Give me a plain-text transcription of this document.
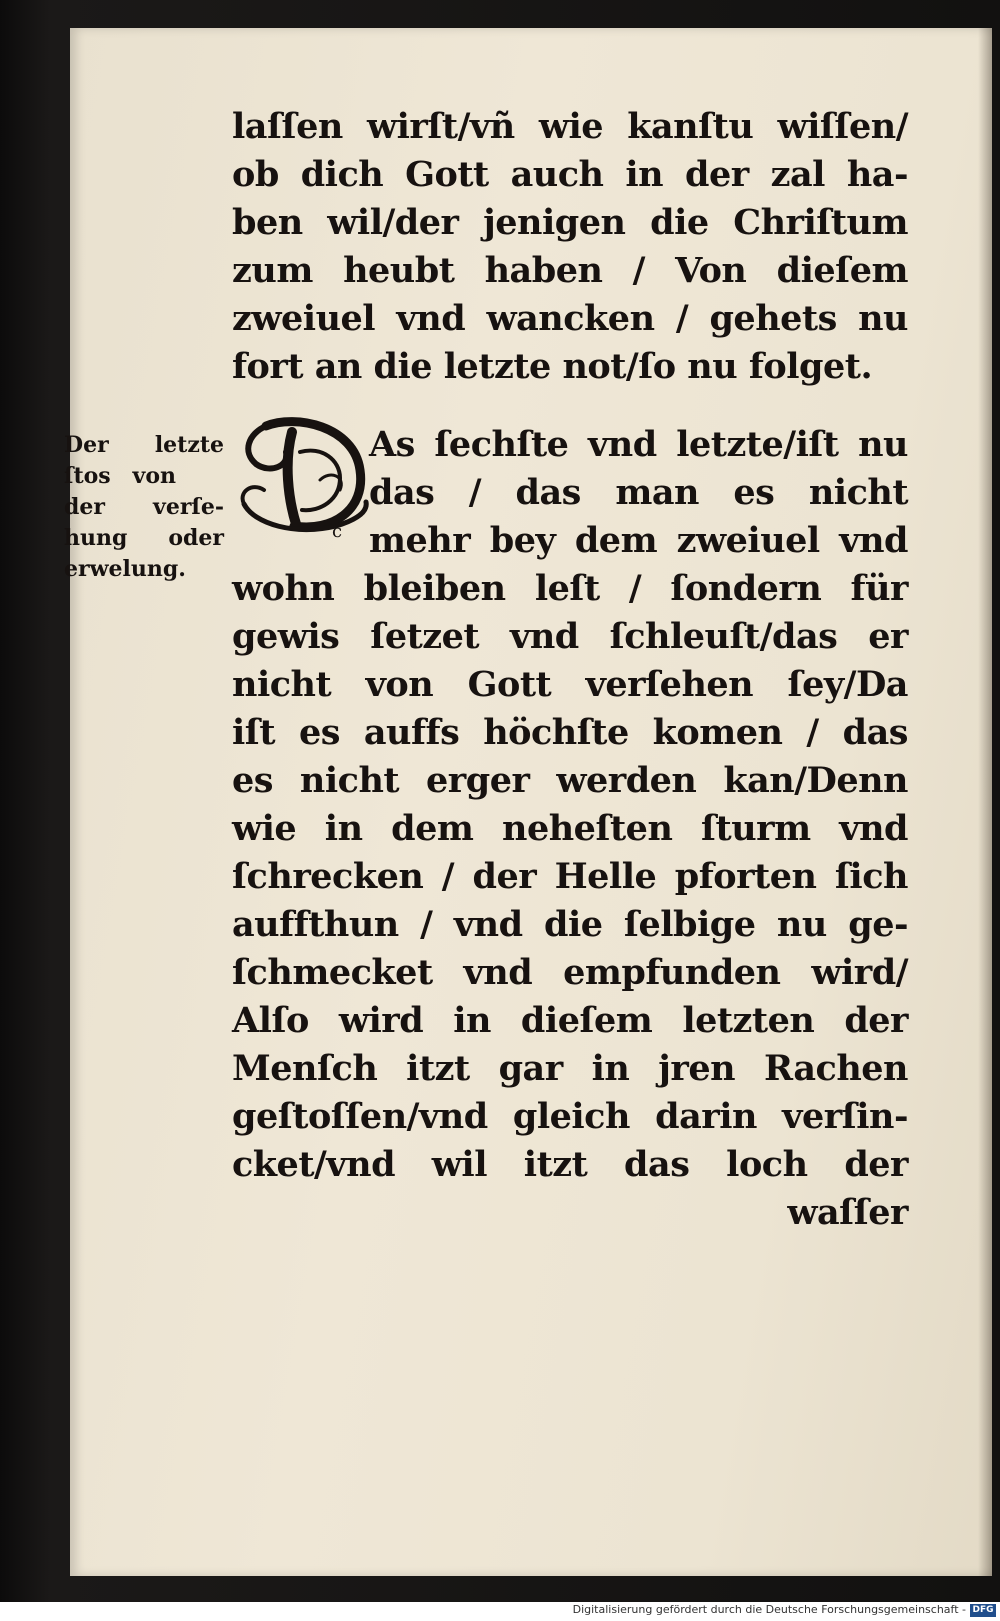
laſſen wirſt/vñ wie kanſtu wiſſen/
ob dich Gott auch in der zal ha-
ben wil/der jenigen die Chriſtum
zum heubt haben / Von dieſem
zweiuel vnd wancken / gehets nu
fort an die letzte not/ſo nu folget.
As ſechſte vnd letzte/iſt nu
das / das man es nicht
mehr bey dem zweiuel vnd
wohn bleiben leſt / ſondern für
gewis ſetzet vnd ſchleuſt/das er
nicht von Gott verſehen ſey/Da
iſt es auffs höchſte komen / das
es nicht erger werden kan/Denn
wie in dem neheſten ſturm vnd
ſchrecken / der Helle pforten ſich
auffthun / vnd die ſelbige nu ge-
ſchmecket vnd empfunden wird/
Alſo wird in dieſem letzten der
Menſch itzt gar in jren Rachen
geſtoſſen/vnd gleich darin verſin-
cket/vnd wil itzt das loch der
waſſer
c
Der letzte
ſtos von
der verſe-
hung oder
erwelung.
Digitalisierung gefördert durch die Deutsche Forschungsgemeinschaft - DFG
